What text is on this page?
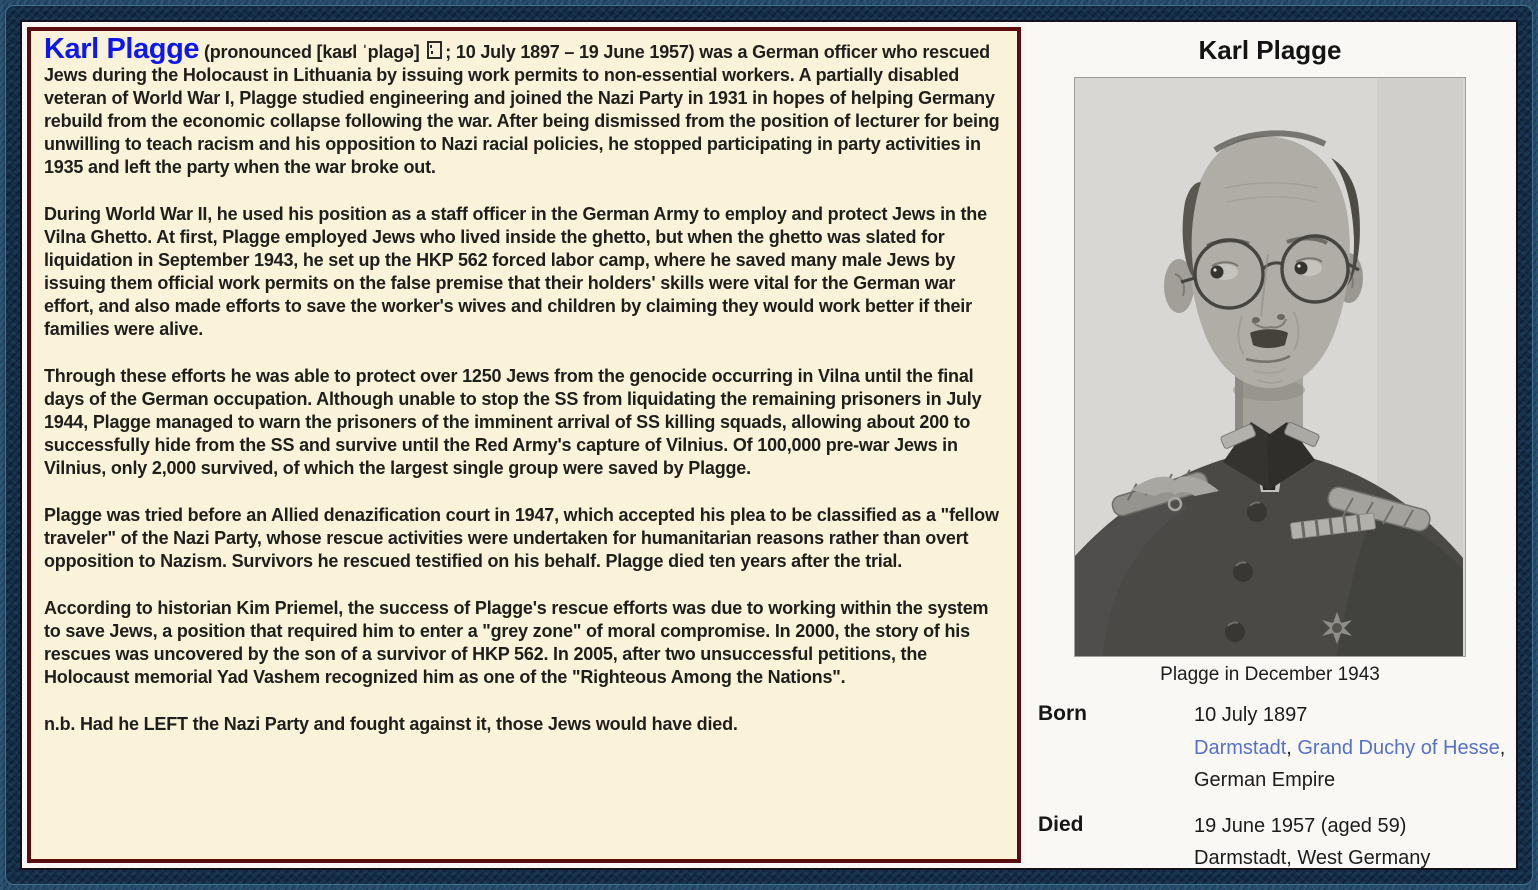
Karl Plagge (pronounced [kaʁl ˈplagə] ; 10 July 1897 – 19 June 1957) was a German officer who rescued Jews during the Holocaust in Lithuania by issuing work permits to non-essential workers. A partially disabled veteran of World War I, Plagge studied engineering and joined the Nazi Party in 1931 in hopes of helping Germany rebuild from the economic collapse following the war. After being dismissed from the position of lecturer for being unwilling to teach racism and his opposition to Nazi racial policies, he stopped participating in party activities in 1935 and left the party when the war broke out.

During World War II, he used his position as a staff officer in the German Army to employ and protect Jews in the Vilna Ghetto. At first, Plagge employed Jews who lived inside the ghetto, but when the ghetto was slated for liquidation in September 1943, he set up the HKP 562 forced labor camp, where he saved many male Jews by issuing them official work permits on the false premise that their holders' skills were vital for the German war effort, and also made efforts to save the worker's wives and children by claiming they would work better if their families were alive.

Through these efforts he was able to protect over 1250 Jews from the genocide occurring in Vilna until the final days of the German occupation. Although unable to stop the SS from liquidating the remaining prisoners in July 1944, Plagge managed to warn the prisoners of the imminent arrival of SS killing squads, allowing about 200 to successfully hide from the SS and survive until the Red Army's capture of Vilnius. Of 100,000 pre-war Jews in Vilnius, only 2,000 survived, of which the largest single group were saved by Plagge.

Plagge was tried before an Allied denazification court in 1947, which accepted his plea to be classified as a "fellow traveler" of the Nazi Party, whose rescue activities were undertaken for humanitarian reasons rather than overt opposition to Nazism. Survivors he rescued testified on his behalf. Plagge died ten years after the trial.

According to historian Kim Priemel, the success of Plagge's rescue efforts was due to working within the system to save Jews, a position that required him to enter a "grey zone" of moral compromise. In 2000, the story of his rescues was uncovered by the son of a survivor of HKP 562. In 2005, after two unsuccessful petitions, the Holocaust memorial Yad Vashem recognized him as one of the "Righteous Among the Nations".

n.b. Had he LEFT the Nazi Party and fought against it, those Jews would have died.

Karl Plagge
Plagge in December 1943
Born	10 July 1897
Darmstadt, Grand Duchy of Hesse, German Empire
Died	19 June 1957 (aged 59)
Darmstadt, West Germany
